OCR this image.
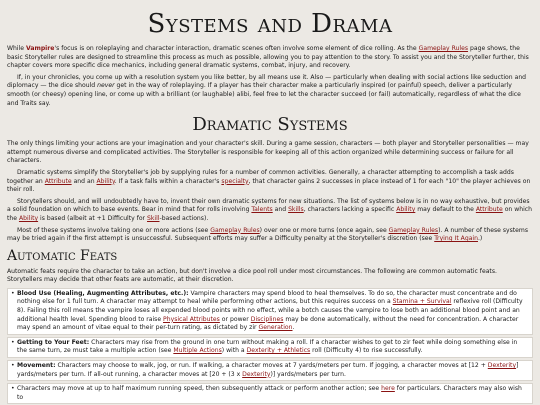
Systems and Drama

While Vampire's focus is on roleplaying and character interaction, dramatic scenes often involve some element of dice rolling. As the Gameplay Rules page shows, the basic Storyteller rules are designed to streamline this process as much as possible, allowing you to pay attention to the story. To assist you and the Storyteller further, this chapter covers more specific dice mechanics, including general dramatic systems, combat, injury, and recovery.

If, in your chronicles, you come up with a resolution system you like better, by all means use it. Also — particularly when dealing with social actions like seduction and diplomacy — the dice should never get in the way of roleplaying. If a player has their character make a particularly inspired (or painful) speech, deliver a particularly smooth (or cheesy) opening line, or come up with a brilliant (or laughable) alibi, feel free to let the character succeed (or fail) automatically, regardless of what the dice and Traits say.

Dramatic Systems

The only things limiting your actions are your imagination and your character's skill. During a game session, characters — both player and Storyteller personalities — may attempt numerous diverse and complicated activities. The Storyteller is responsible for keeping all of this action organized while determining success or failure for all characters.

Dramatic systems simplify the Storyteller's job by supplying rules for a number of common activities. Generally, a character attempting to accomplish a task adds together an Attribute and an Ability. If a task falls within a character's specialty, that character gains 2 successes in place instead of 1 for each "10" the player achieves on their roll.

Storytellers should, and will undoubtedly have to, invent their own dramatic systems for new situations. The list of systems below is in no way exhaustive, but provides a solid foundation on which to base events. Bear in mind that for rolls involving Talents and Skills, characters lacking a specific Ability may default to the Attribute on which the Ability is based (albeit at +1 Difficulty for Skill-based actions).

Most of these systems involve taking one or more actions (see Gameplay Rules) over one or more turns (once again, see Gameplay Rules). A number of these systems may be tried again if the first attempt is unsuccessful. Subsequent efforts may suffer a Difficulty penalty at the Storyteller's discretion (see Trying It Again.)

Automatic Feats

Automatic feats require the character to take an action, but don't involve a dice pool roll under most circumstances. The following are common automatic feats. Storytellers may decide that other feats are automatic, at their discretion.

• Blood Use (Healing, Augmenting Attributes, etc.): Vampire characters may spend blood to heal themselves. To do so, the character must concentrate and do nothing else for 1 full turn. A character may attempt to heal while performing other actions, but this requires success on a Stamina + Survival reflexive roll (Difficulty 8). Failing this roll means the vampire loses all expended blood points with no effect, while a botch causes the vampire to lose both an additional blood point and an additional health level. Spending blood to raise Physical Attributes or power Disciplines may be done automatically, without the need for concentration. A character may spend an amount of vitae equal to their per-turn rating, as dictated by zir Generation.
• Getting to Your Feet: Characters may rise from the ground in one turn without making a roll. If a character wishes to get to zir feet while doing something else in the same turn, ze must take a multiple action (see Multiple Actions) with a Dexterity + Athletics roll (Difficulty 4) to rise successfully.
• Movement: Characters may choose to walk, jog, or run. If walking, a character moves at 7 yards/meters per turn. If jogging, a character moves at [12 + Dexterity] yards/meters per turn. If all-out running, a character moves at [20 + (3 x Dexterity)] yards/meters per turn.
• Characters may move at up to half maximum running speed, then subsequently attack or perform another action; see here for particulars. Characters may also wish to
